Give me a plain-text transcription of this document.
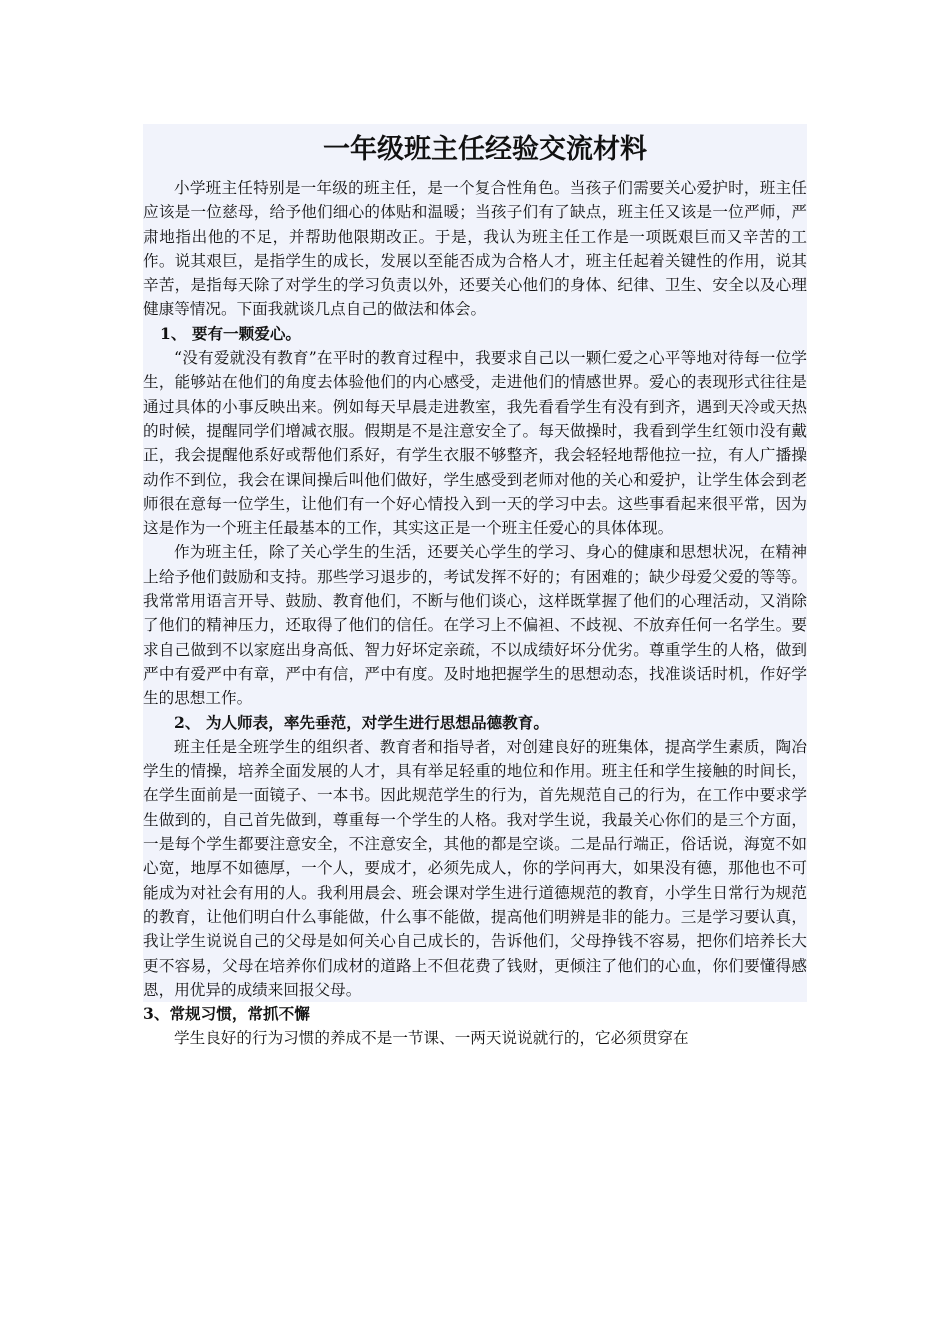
一年级班主任经验交流材料

小学班主任特别是一年级的班主任，是一个复合性角色。当孩子们需要关心爱护时，班主任应该是一位慈母，给予他们细心的体贴和温暖；当孩子们有了缺点，班主任又该是一位严师，严肃地指出他的不足，并帮助他限期改正。于是，我认为班主任工作是一项既艰巨而又辛苦的工作。说其艰巨，是指学生的成长，发展以至能否成为合格人才，班主任起着关键性的作用，说其辛苦，是指每天除了对学生的学习负责以外，还要关心他们的身体、纪律、卫生、安全以及心理健康等情况。下面我就谈几点自己的做法和体会。

1、 要有一颗爱心。

“没有爱就没有教育”在平时的教育过程中，我要求自己以一颗仁爱之心平等地对待每一位学生，能够站在他们的角度去体验他们的内心感受，走进他们的情感世界。爱心的表现形式往往是通过具体的小事反映出来。例如每天早晨走进教室，我先看看学生有没有到齐，遇到天冷或天热的时候，提醒同学们增减衣服。假期是不是注意安全了。每天做操时，我看到学生红领巾没有戴正，我会提醒他系好或帮他们系好，有学生衣服不够整齐，我会轻轻地帮他拉一拉，有人广播操动作不到位，我会在课间操后叫他们做好，学生感受到老师对他的关心和爱护，让学生体会到老师很在意每一位学生，让他们有一个好心情投入到一天的学习中去。这些事看起来很平常，因为这是作为一个班主任最基本的工作，其实这正是一个班主任爱心的具体体现。

作为班主任，除了关心学生的生活，还要关心学生的学习、身心的健康和思想状况，在精神上给予他们鼓励和支持。那些学习退步的，考试发挥不好的；有困难的；缺少母爱父爱的等等。我常常用语言开导、鼓励、教育他们，不断与他们谈心，这样既掌握了他们的心理活动，又消除了他们的精神压力，还取得了他们的信任。在学习上不偏袒、不歧视、不放弃任何一名学生。要求自己做到不以家庭出身高低、智力好坏定亲疏，不以成绩好坏分优劣。尊重学生的人格，做到严中有爱严中有章，严中有信，严中有度。及时地把握学生的思想动态，找准谈话时机，作好学生的思想工作。

2、 为人师表，率先垂范，对学生进行思想品德教育。

班主任是全班学生的组织者、教育者和指导者，对创建良好的班集体，提高学生素质，陶冶学生的情操，培养全面发展的人才，具有举足轻重的地位和作用。班主任和学生接触的时间长，在学生面前是一面镜子、一本书。因此规范学生的行为，首先规范自己的行为，在工作中要求学生做到的，自己首先做到，尊重每一个学生的人格。我对学生说，我最关心你们的是三个方面，一是每个学生都要注意安全，不注意安全，其他的都是空谈。二是品行端正，俗话说，海宽不如心宽，地厚不如德厚，一个人，要成才，必须先成人，你的学问再大，如果没有德，那他也不可能成为对社会有用的人。我利用晨会、班会课对学生进行道德规范的教育，小学生日常行为规范的教育，让他们明白什么事能做，什么事不能做，提高他们明辨是非的能力。三是学习要认真，我让学生说说自己的父母是如何关心自己成长的，告诉他们，父母挣钱不容易，把你们培养长大更不容易，父母在培养你们成材的道路上不但花费了钱财，更倾注了他们的心血，你们要懂得感恩，用优异的成绩来回报父母。

3、常规习惯，常抓不懈

学生良好的行为习惯的养成不是一节课、一两天说说就行的，它必须贯穿在
